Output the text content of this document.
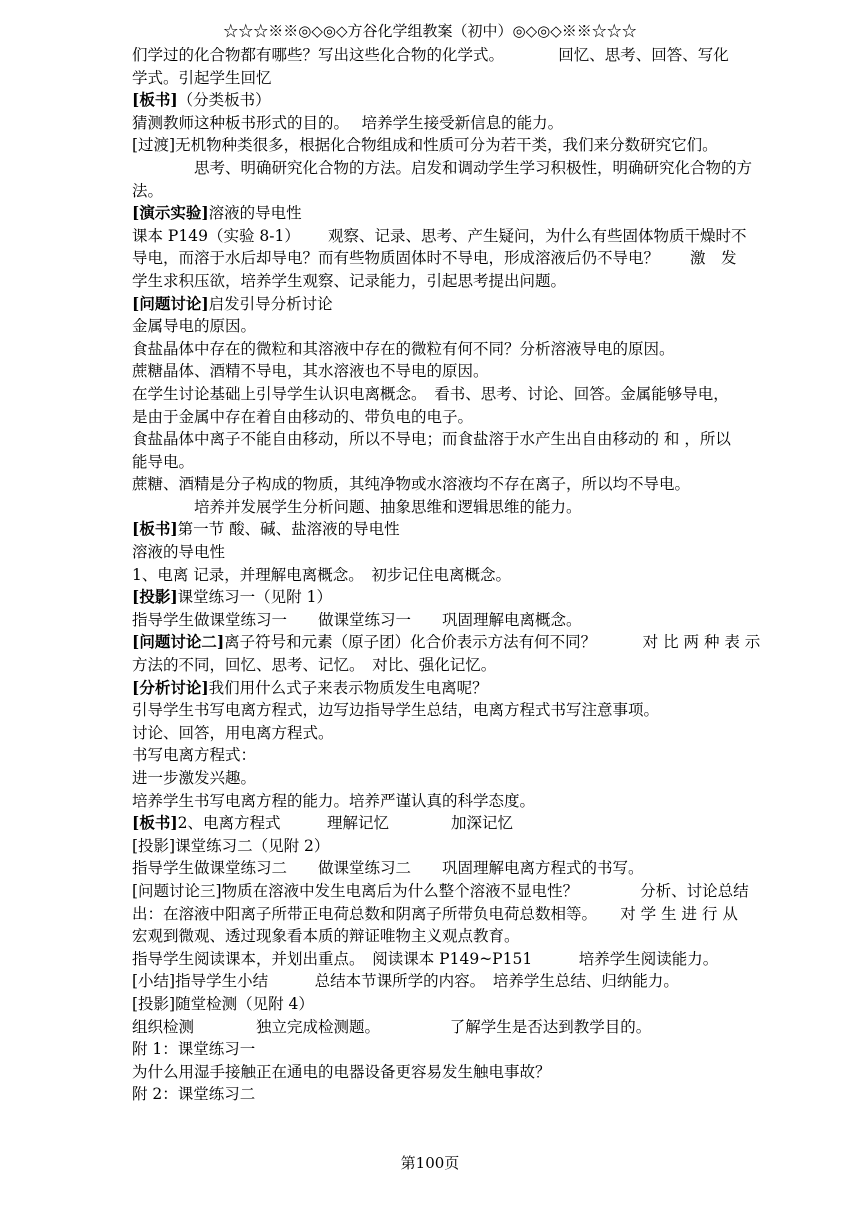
☆☆☆※※◎◇◎◇方谷化学组教案（初中）◎◇◎◇※※☆☆☆
们学过的化合物都有哪些？写出这些化合物的化学式。　　　　回忆、思考、回答、写化
学式。引起学生回忆
[板书]（分类板书）
猜测教师这种板书形式的目的。　 培养学生接受新信息的能力。
[过渡]无机物种类很多，根据化合物组成和性质可分为若干类，我们来分数研究它们。
　　　　思考、明确研究化合物的方法。启发和调动学生学习积极性，明确研究化合物的方
法。
[演示实验]溶液的导电性
课本 P149（实验 8-1）　　 观察、记录、思考、产生疑问，为什么有些固体物质干燥时不
导电，而溶于水后却导电？而有些物质固体时不导电，形成溶液后仍不导电？　　激　发
学生求积压欲，培养学生观察、记录能力，引起思考提出问题。
[问题讨论]启发引导分析讨论
金属导电的原因。
食盐晶体中存在的微粒和其溶液中存在的微粒有何不同？分析溶液导电的原因。
蔗糖晶体、酒精不导电，其水溶液也不导电的原因。
在学生讨论基础上引导学生认识电离概念。　看书、思考、讨论、回答。金属能够导电，
是由于金属中存在着自由移动的、带负电的电子。
食盐晶体中离子不能自由移动，所以不导电；而食盐溶于水产生出自由移动的 和 ，所以
能导电。
蔗糖、酒精是分子构成的物质，其纯净物或水溶液均不存在离子，所以均不导电。
　　　　培养并发展学生分析问题、抽象思维和逻辑思维的能力。
[板书]第一节 酸、碱、盐溶液的导电性
溶液的导电性
1、电离 记录，并理解电离概念。　初步记住电离概念。
[投影]课堂练习一（见附 1）
指导学生做课堂练习一　　做课堂练习一　　巩固理解电离概念。
[问题讨论二]离子符号和元素（原子团）化合价表示方法有何不同？　　　对 比 两 种 表 示
方法的不同，回忆、思考、记忆。　对比、强化记忆。
[分析讨论]我们用什么式子来表示物质发生电离呢？
引导学生书写电离方程式，边写边指导学生总结，电离方程式书写注意事项。
讨论、回答，用电离方程式。
书写电离方程式：
进一步激发兴趣。
培养学生书写电离方程的能力。培养严谨认真的科学态度。
[板书]2、电离方程式　　　理解记忆　　　　加深记忆
[投影]课堂练习二（见附 2）
指导学生做课堂练习二　　做课堂练习二　　巩固理解电离方程式的书写。
[问题讨论三]物质在溶液中发生电离后为什么整个溶液不显电性？　　　　分析、讨论总结
出：在溶液中阳离子所带正电荷总数和阴离子所带负电荷总数相等。　　对 学 生 进 行 从
宏观到微观、透过现象看本质的辩证唯物主义观点教育。
指导学生阅读课本，并划出重点。　阅读课本 P149~P151　　　培养学生阅读能力。
[小结]指导学生小结　　　总结本节课所学的内容。　培养学生总结、归纳能力。
[投影]随堂检测（见附 4）
组织检测　　　　独立完成检测题。　　　　　了解学生是否达到教学目的。
附 1：课堂练习一
为什么用湿手接触正在通电的电器设备更容易发生触电事故？
附 2：课堂练习二
第100页
